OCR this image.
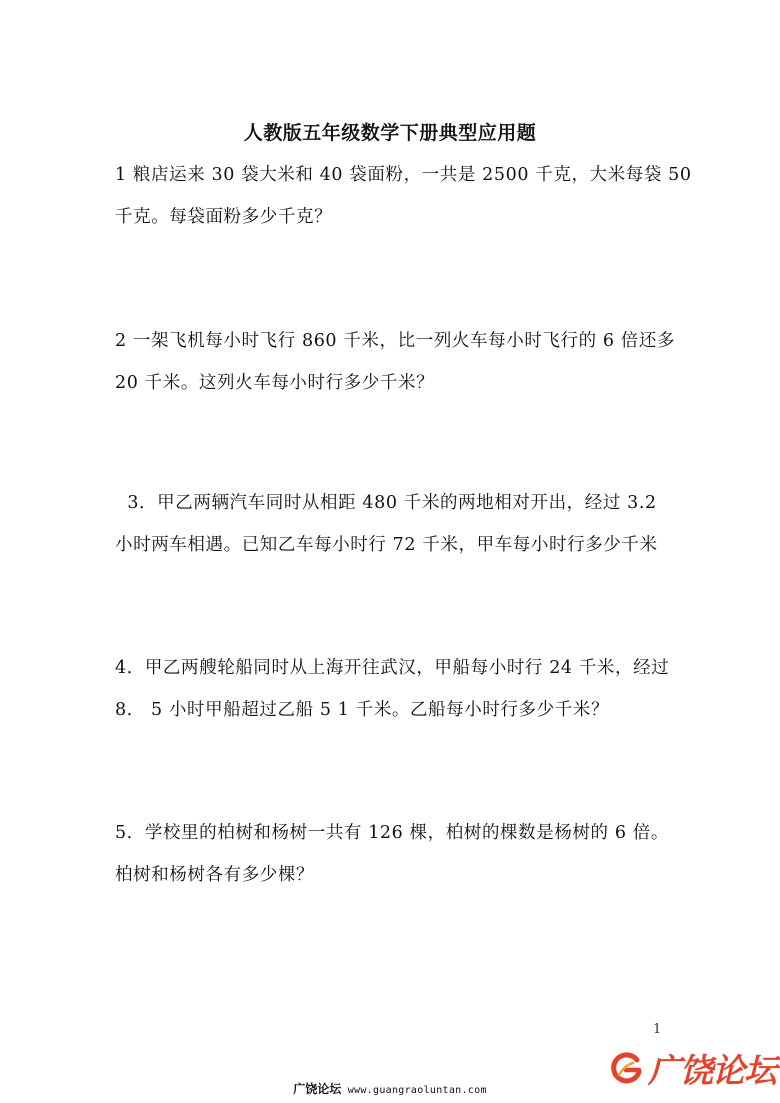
人教版五年级数学下册典型应用题
1 粮店运来 30 袋大米和 40 袋面粉，一共是 2500 千克，大米每袋 50
千克。每袋面粉多少千克？
2 一架飞机每小时飞行 860 千米，比一列火车每小时飞行的 6 倍还多
20 千米。这列火车每小时行多少千米？
3．甲乙两辆汽车同时从相距 480 千米的两地相对开出，经过 3.2
小时两车相遇。已知乙车每小时行 72 千米，甲车每小时行多少千米
4．甲乙两艘轮船同时从上海开往武汉，甲船每小时行 24 千米，经过
8． 5 小时甲船超过乙船 5 1 千米。乙船每小时行多少千米？
5．学校里的柏树和杨树一共有 126 棵，柏树的棵数是杨树的 6 倍。
柏树和杨树各有多少棵？
1
广饶论坛 www.guangraoluntan.com
广饶论坛
